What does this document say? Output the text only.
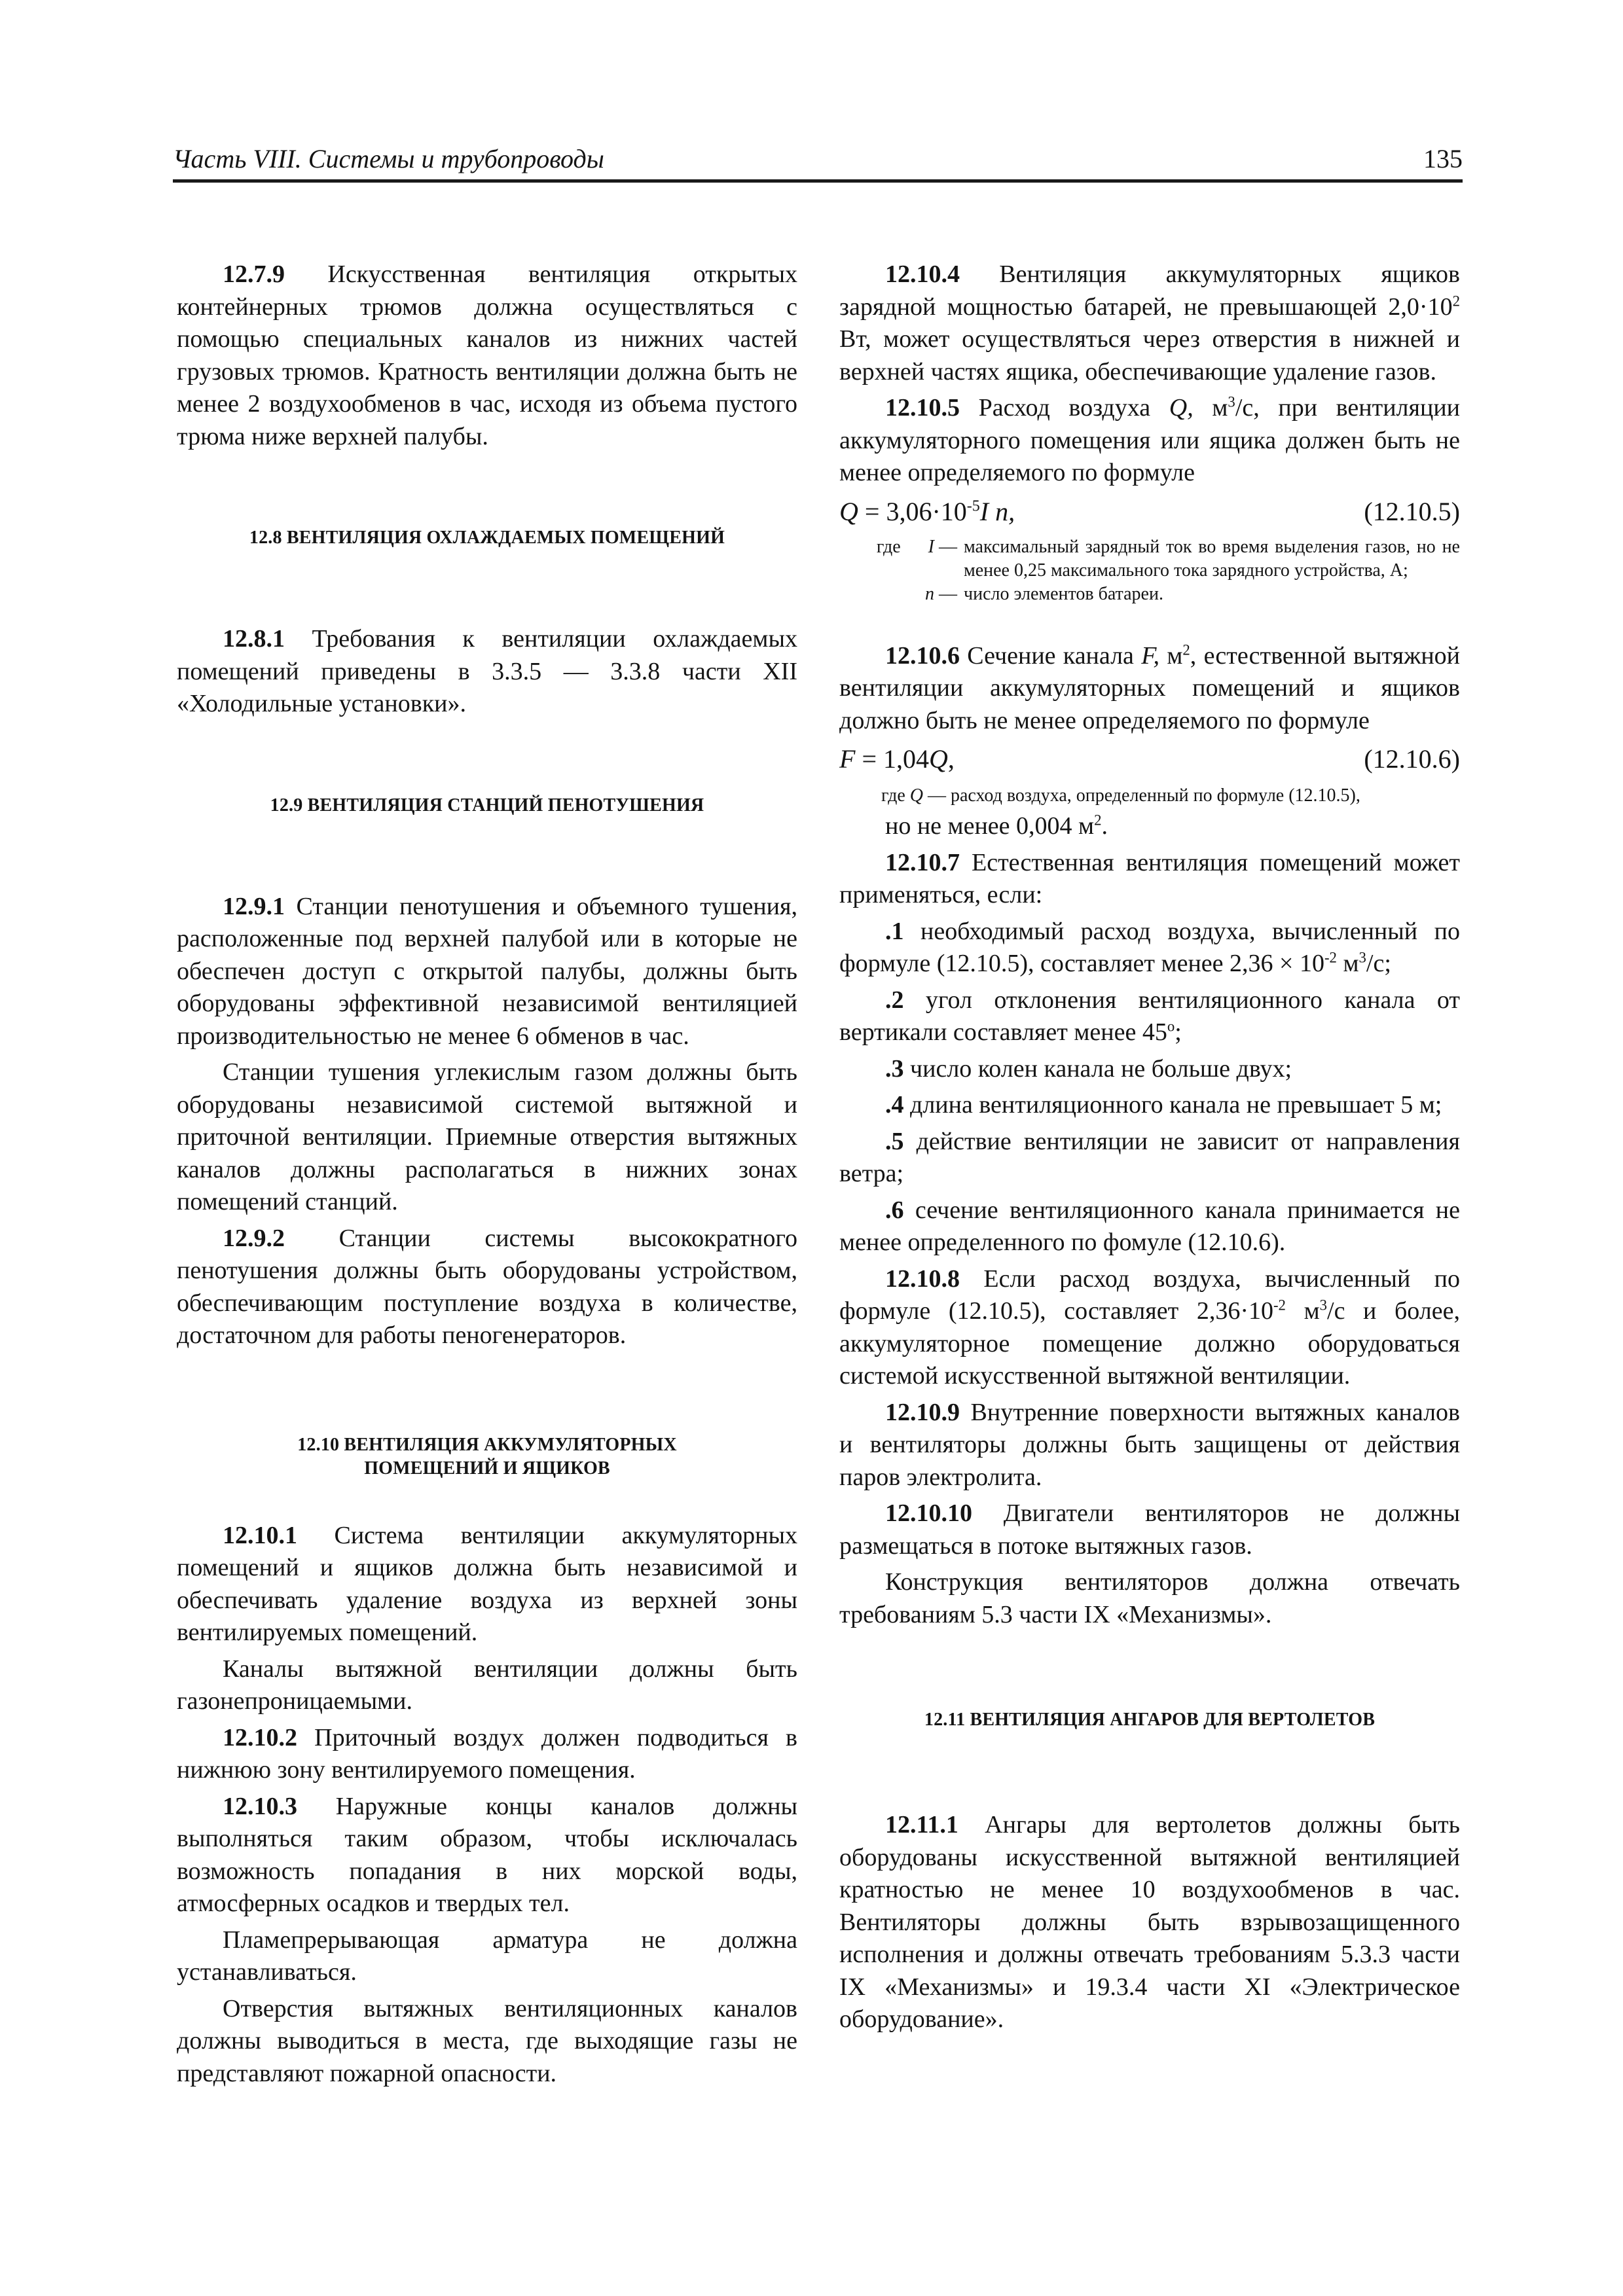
Часть VIII. Системы и трубопроводы	135

12.7.9 Искусственная вентиляция открытых контейнерных трюмов должна осуществляться с помощью специальных каналов из нижних частей грузовых трюмов. Кратность вентиляции должна быть не менее 2 воздухообменов в час, исходя из объема пустого трюма ниже верхней палубы.

12.8 ВЕНТИЛЯЦИЯ ОХЛАЖДАЕМЫХ ПОМЕЩЕНИЙ

12.8.1 Требования к вентиляции охлаждаемых помещений приведены в 3.3.5 — 3.3.8 части XII «Холодильные установки».

12.9 ВЕНТИЛЯЦИЯ СТАНЦИЙ ПЕНОТУШЕНИЯ

12.9.1 Станции пенотушения и объемного тушения, расположенные под верхней палубой или в которые не обеспечен доступ с открытой палубы, должны быть оборудованы эффективной независимой вентиляцией производительностью не менее 6 обменов в час.

Станции тушения углекислым газом должны быть оборудованы независимой системой вытяжной и приточной вентиляции. Приемные отверстия вытяжных каналов должны располагаться в нижних зонах помещений станций.

12.9.2 Станции системы высокократного пенотушения должны быть оборудованы устройством, обеспечивающим поступление воздуха в количестве, достаточном для работы пеногенераторов.

12.10 ВЕНТИЛЯЦИЯ АККУМУЛЯТОРНЫХ
ПОМЕЩЕНИЙ И ЯЩИКОВ

12.10.1 Система вентиляции аккумуляторных помещений и ящиков должна быть независимой и обеспечивать удаление воздуха из верхней зоны вентилируемых помещений.

Каналы вытяжной вентиляции должны быть газонепроницаемыми.

12.10.2 Приточный воздух должен подводиться в нижнюю зону вентилируемого помещения.

12.10.3 Наружные концы каналов должны выполняться таким образом, чтобы исключалась возможность попадания в них морской воды, атмосферных осадков и твердых тел.

Пламепрерывающая арматура не должна устанавливаться.

Отверстия вытяжных вентиляционных каналов должны выводиться в места, где выходящие газы не представляют пожарной опасности.

12.10.4 Вентиляция аккумуляторных ящиков зарядной мощностью батарей, не превышающей $2,0\cdot 10^2$ Вт, может осуществляться через отверстия в нижней и верхней частях ящика, обеспечивающие удаление газов.

12.10.5 Расход воздуха Q, $м^3/с$, при вентиляции аккумуляторного помещения или ящика должен быть не менее определяемого по формуле

$Q = 3,06\cdot 10^{-5}I$ n,	(12.10.5)
где I — максимальный зарядный ток во время выделения газов, но не менее 0,25 максимального тока зарядного устройства, А;
n — число элементов батареи.

12.10.6 Сечение канала F, $м^2$, естественной вытяжной вентиляции аккумуляторных помещений и ящиков должно быть не менее определяемого по формуле

F = 1,04Q,	(12.10.6)
где Q — расход воздуха, определенный по формуле (12.10.5),

но не менее 0,004 $м^2$.

12.10.7 Естественная вентиляция помещений может применяться, если:

.1 необходимый расход воздуха, вычисленный по формуле (12.10.5), составляет менее $2,36 \times 10^{-2}$ $м^3/с$;

.2 угол отклонения вентиляционного канала от вертикали составляет менее 45$^o$;

.3 число колен канала не больше двух;

.4 длина вентиляционного канала не превышает 5 м;

.5 действие вентиляции не зависит от направления ветра;

.6 сечение вентиляционного канала принимается не менее определенного по фомуле (12.10.6).

12.10.8 Если расход воздуха, вычисленный по формуле (12.10.5), составляет $2,36\cdot 10^{-2}$ $м^3/с$ и более, аккумуляторное помещение должно оборудоваться системой искусственной вытяжной вентиляции.

12.10.9 Внутренние поверхности вытяжных каналов и вентиляторы должны быть защищены от действия паров электролита.

12.10.10 Двигатели вентиляторов не должны размещаться в потоке вытяжных газов.

Конструкция вентиляторов должна отвечать требованиям 5.3 части IX «Механизмы».

12.11 ВЕНТИЛЯЦИЯ АНГАРОВ ДЛЯ ВЕРТОЛЕТОВ

12.11.1 Ангары для вертолетов должны быть оборудованы искусственной вытяжной вентиляцией кратностью не менее 10 воздухообменов в час. Вентиляторы должны быть взрывозащищенного исполнения и должны отвечать требованиям 5.3.3 части IX «Механизмы» и 19.3.4 части XI «Электрическое оборудование».
